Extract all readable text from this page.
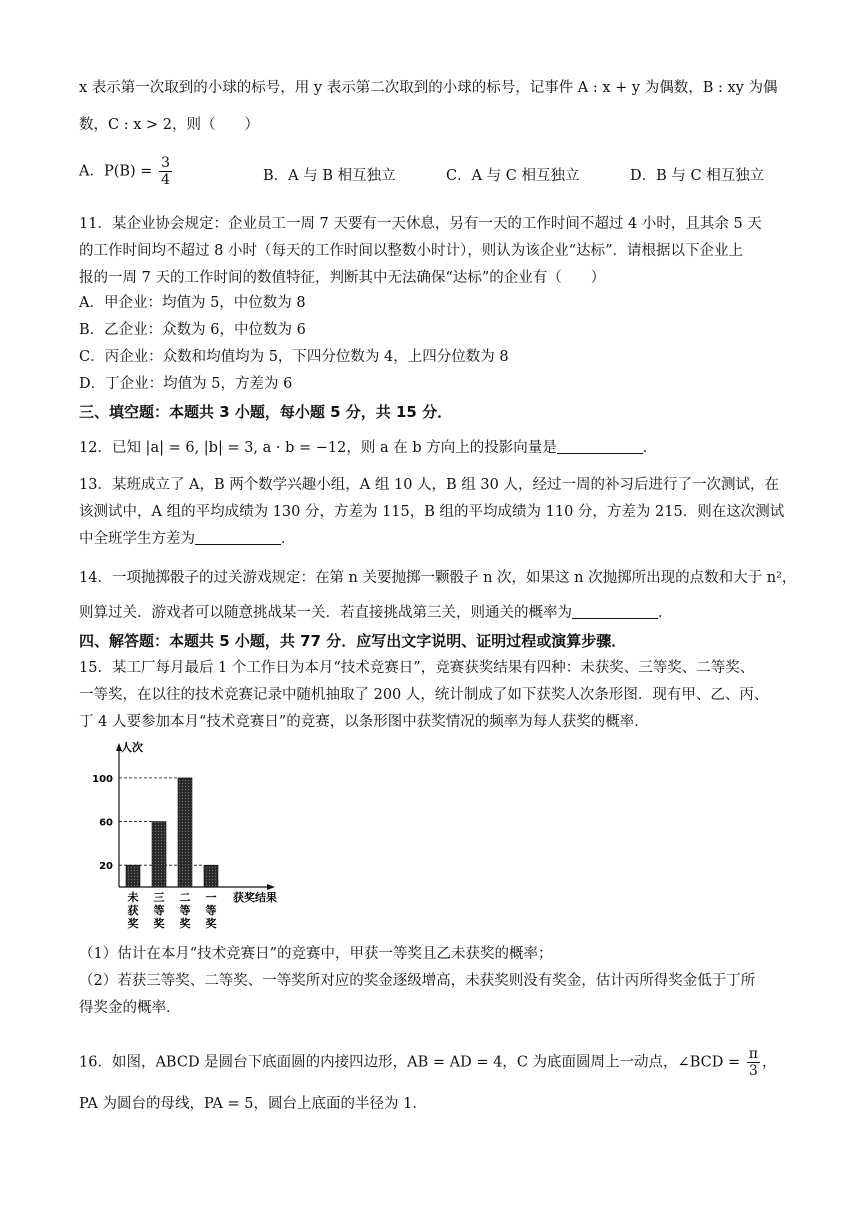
x 表示第一次取到的小球的标号，用 y 表示第二次取到的小球的标号，记事件 A : x + y 为偶数，B : xy 为偶
数，C : x > 2，则（　　）
A．$P(B) = \frac{3}{4}$	B．A 与 B 相互独立	C．A 与 C 相互独立	D．B 与 C 相互独立
11．某企业协会规定：企业员工一周 7 天要有一天休息，另有一天的工作时间不超过 4 小时，且其余 5 天
的工作时间均不超过 8 小时（每天的工作时间以整数小时计），则认为该企业“达标”．请根据以下企业上
报的一周 7 天的工作时间的数值特征，判断其中无法确保“达标”的企业有（　　）
A．甲企业：均值为 5，中位数为 8
B．乙企业：众数为 6，中位数为 6
C．丙企业：众数和均值均为 5，下四分位数为 4，上四分位数为 8
D．丁企业：均值为 5，方差为 6
三、填空题：本题共 3 小题，每小题 5 分，共 15 分．
12．已知 |a| = 6, |b| = 3, a · b = −12，则 a 在 b 方向上的投影向量是	．
13．某班成立了 A，B 两个数学兴趣小组，A 组 10 人，B 组 30 人，经过一周的补习后进行了一次测试，在
该测试中，A 组的平均成绩为 130 分，方差为 115，B 组的平均成绩为 110 分，方差为 215．则在这次测试
中全班学生方差为	．
14．一项抛掷骰子的过关游戏规定：在第 n 关要抛掷一颗骰子 n 次，如果这 n 次抛掷所出现的点数和大于 n²，
则算过关．游戏者可以随意挑战某一关．若直接挑战第三关，则通关的概率为	．
四、解答题：本题共 5 小题，共 77 分．应写出文字说明、证明过程或演算步骤．
15．某工厂每月最后 1 个工作日为本月“技术竞赛日”，竞赛获奖结果有四种：未获奖、三等奖、二等奖、
一等奖，在以往的技术竞赛记录中随机抽取了 200 人，统计制成了如下获奖人次条形图．现有甲、乙、丙、
丁 4 人要参加本月“技术竞赛日”的竞赛，以条形图中获奖情况的频率为每人获奖的概率．
人次
获奖结果
20
60
100
未获奖
三等奖
二等奖
一等奖
（1）估计在本月“技术竞赛日”的竞赛中，甲获一等奖且乙未获奖的概率；
（2）若获三等奖、二等奖、一等奖所对应的奖金逐级增高，未获奖则没有奖金，估计丙所得奖金低于丁所
得奖金的概率．
16．如图，ABCD 是圆台下底面圆的内接四边形，AB = AD = 4，C 为底面圆周上一动点，∠BCD = $\frac{\pi}{3}$ ，
PA 为圆台的母线，PA = 5，圆台上底面的半径为 1．
